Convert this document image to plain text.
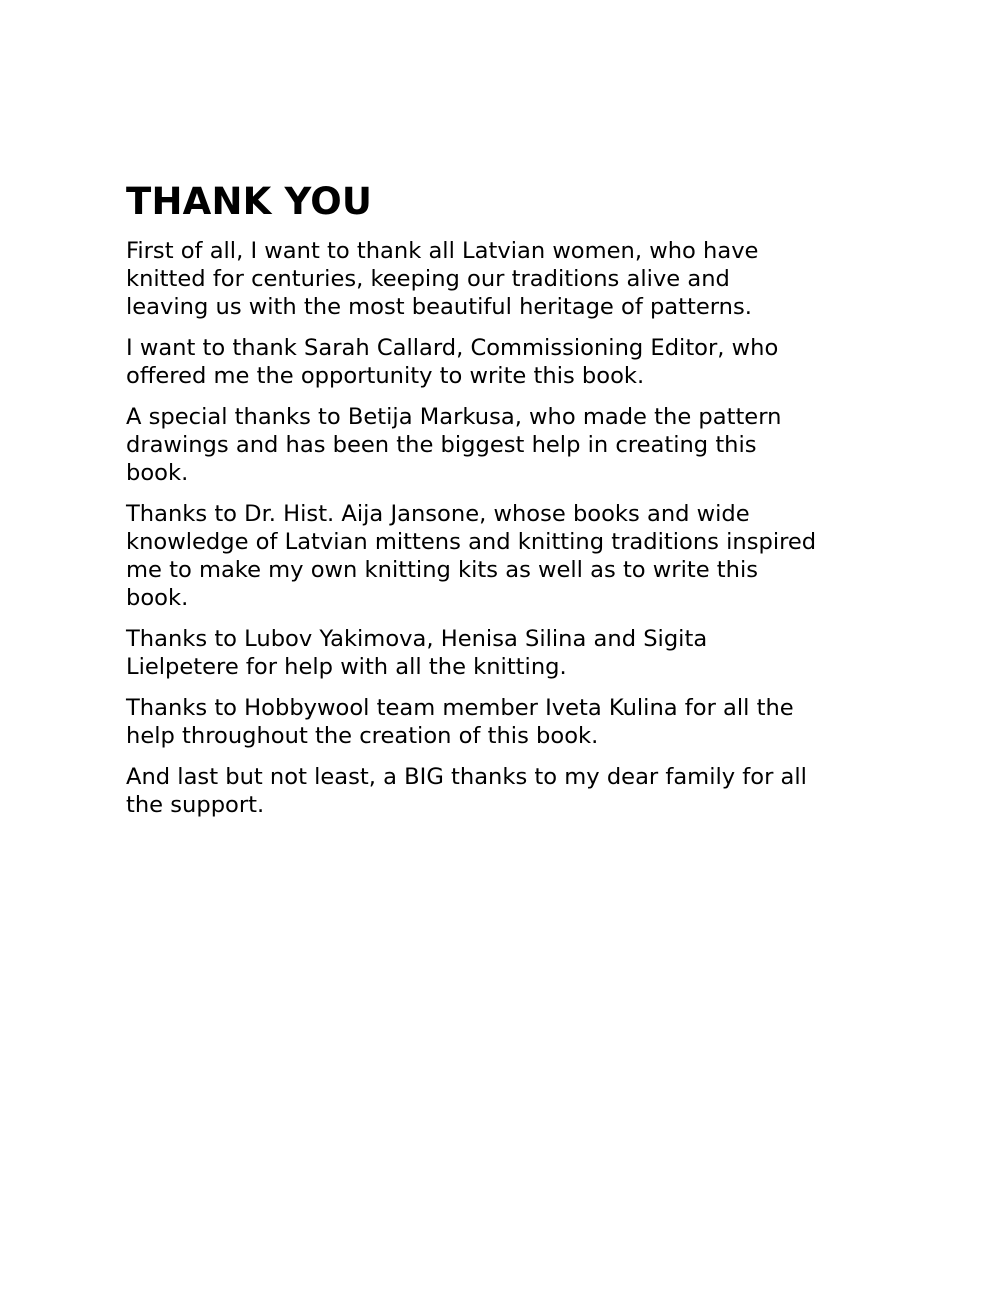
THANK YOU

First of all, I want to thank all Latvian women, who have
knitted for centuries, keeping our traditions alive and
leaving us with the most beautiful heritage of patterns.

I want to thank Sarah Callard, Commissioning Editor, who
offered me the opportunity to write this book.

A special thanks to Betija Markusa, who made the pattern
drawings and has been the biggest help in creating this
book.

Thanks to Dr. Hist. Aija Jansone, whose books and wide
knowledge of Latvian mittens and knitting traditions inspired
me to make my own knitting kits as well as to write this
book.

Thanks to Lubov Yakimova, Henisa Silina and Sigita
Lielpetere for help with all the knitting.

Thanks to Hobbywool team member Iveta Kulina for all the
help throughout the creation of this book.

And last but not least, a BIG thanks to my dear family for all
the support.
